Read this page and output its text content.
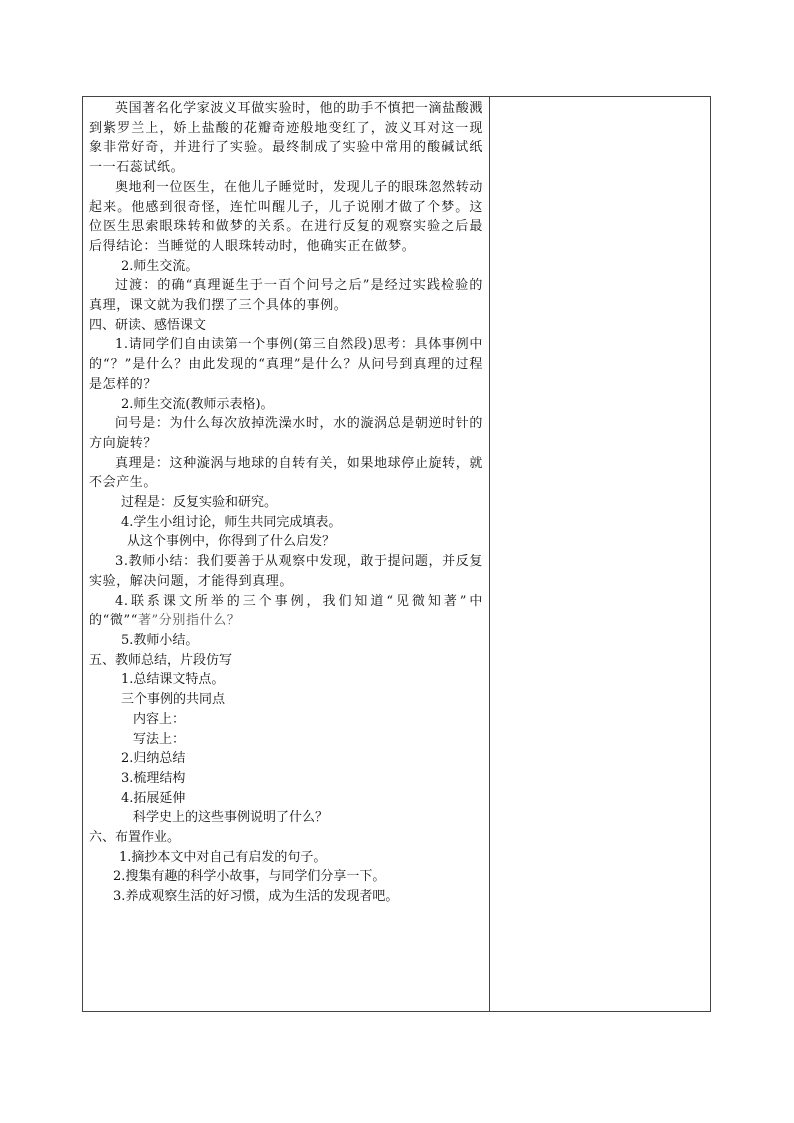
英国著名化学家波义耳做实验时，他的助手不慎把一滴盐酸溅到紫罗兰上，娇上盐酸的花瓣奇迹般地变红了，波义耳对这一现象非常好奇，并进行了实验。最终制成了实验中常用的酸碱试纸一一石蕊试纸。

奥地利一位医生，在他儿子睡觉时，发现儿子的眼珠忽然转动起来。他感到很奇怪，连忙叫醒儿子，儿子说刚才做了个梦。这位医生思索眼珠转和做梦的关系。在进行反复的观察实验之后最后得结论：当睡觉的人眼珠转动时，他确实正在做梦。

2.师生交流。

过渡：的确“真理诞生于一百个问号之后”是经过实践检验的真理，课文就为我们摆了三个具体的事例。

四、研读、感悟课文

1.请同学们自由读第一个事例(第三自然段)思考：具体事例中的“？”是什么？由此发现的“真理”是什么？从问号到真理的过程是怎样的？

2.师生交流(教师示表格)。

问号是：为什么每次放掉洗澡水时，水的漩涡总是朝逆时针的方向旋转？

真理是：这种漩涡与地球的自转有关，如果地球停止旋转，就不会产生。

过程是：反复实验和研究。

4.学生小组讨论，师生共同完成填表。

从这个事例中，你得到了什么启发？

3.教师小结：我们要善于从观察中发现，敢于提问题，并反复实验，解决问题，才能得到真理。

4.联系课文所举的三个事例，我们知道“见微知著”中的“微”“著”分别指什么？

5.教师小结。

五、教师总结，片段仿写

1.总结课文特点。

三个事例的共同点

内容上：

写法上：

2.归纳总结

3.梳理结构

4.拓展延伸

科学史上的这些事例说明了什么？

六、布置作业。

1.摘抄本文中对自己有启发的句子。

2.搜集有趣的科学小故事，与同学们分享一下。

3.养成观察生活的好习惯，成为生活的发现者吧。
